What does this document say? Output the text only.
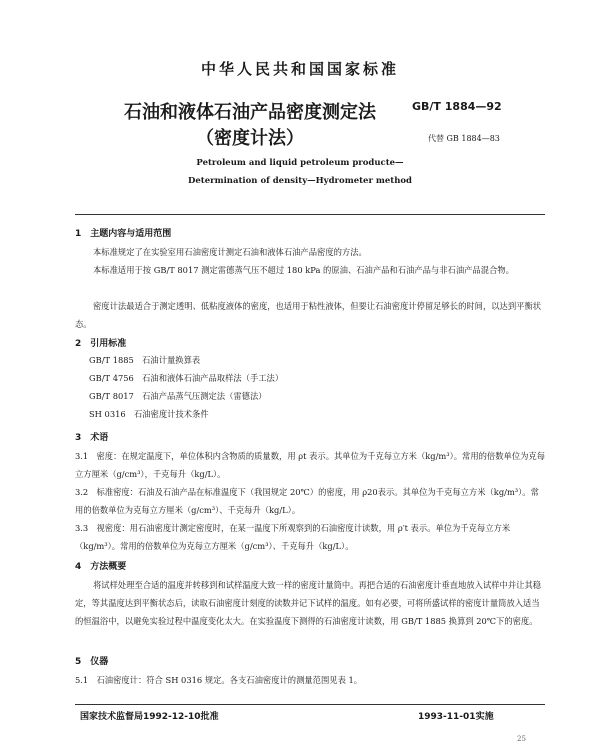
中华人民共和国国家标准
石油和液体石油产品密度测定法
（密度计法）
GB/T 1884—92
代替 GB 1884—83
Petroleum and liquid petroleum producte—
Determination of density—Hydrometer method
1　主题内容与适用范围
本标准规定了在实验室用石油密度计测定石油和液体石油产品密度的方法。
本标准适用于按 GB/T 8017 测定雷德蒸气压不超过 180 kPa 的原油、石油产品和石油产品与非石油产品混合物。
密度计法最适合于测定透明、低粘度液体的密度，也适用于粘性液体，但要让石油密度计停留足够长的时间，以达到平衡状态。
2　引用标准
GB/T 1885　石油计量换算表
GB/T 4756　石油和液体石油产品取样法（手工法）
GB/T 8017　石油产品蒸气压测定法（雷德法）
SH 0316　石油密度计技术条件
3　术语
3.1　密度：在规定温度下，单位体积内含物质的质量数，用 ρt 表示。其单位为千克每立方米（kg/m³）。常用的倍数单位为克每立方厘米（g/cm³），千克每升（kg/L）。
3.2　标准密度：石油及石油产品在标准温度下（我国规定 20℃）的密度，用 ρ20表示。其单位为千克每立方米（kg/m³）。常用的倍数单位为克每立方厘米（g/cm³）、千克每升（kg/L）。
3.3　视密度：用石油密度计测定密度时，在某一温度下所观察到的石油密度计读数，用 ρ′t 表示。单位为千克每立方米（kg/m³）。常用的倍数单位为克每立方厘米（g/cm³）、千克每升（kg/L）。
4　方法概要
将试样处理至合适的温度并转移到和试样温度大致一样的密度计量筒中。再把合适的石油密度计垂直地放入试样中并让其稳定，等其温度达到平衡状态后，读取石油密度计刻度的读数并记下试样的温度。如有必要，可将所盛试样的密度计量筒放入适当的恒温浴中，以避免实验过程中温度变化太大。在实验温度下测得的石油密度计读数，用 GB/T 1885 换算到 20℃下的密度。
5　仪器
5.1　石油密度计：符合 SH 0316 规定。各支石油密度计的测量范围见表 1。
国家技术监督局1992-12-10批准	1993-11-01实施
25
